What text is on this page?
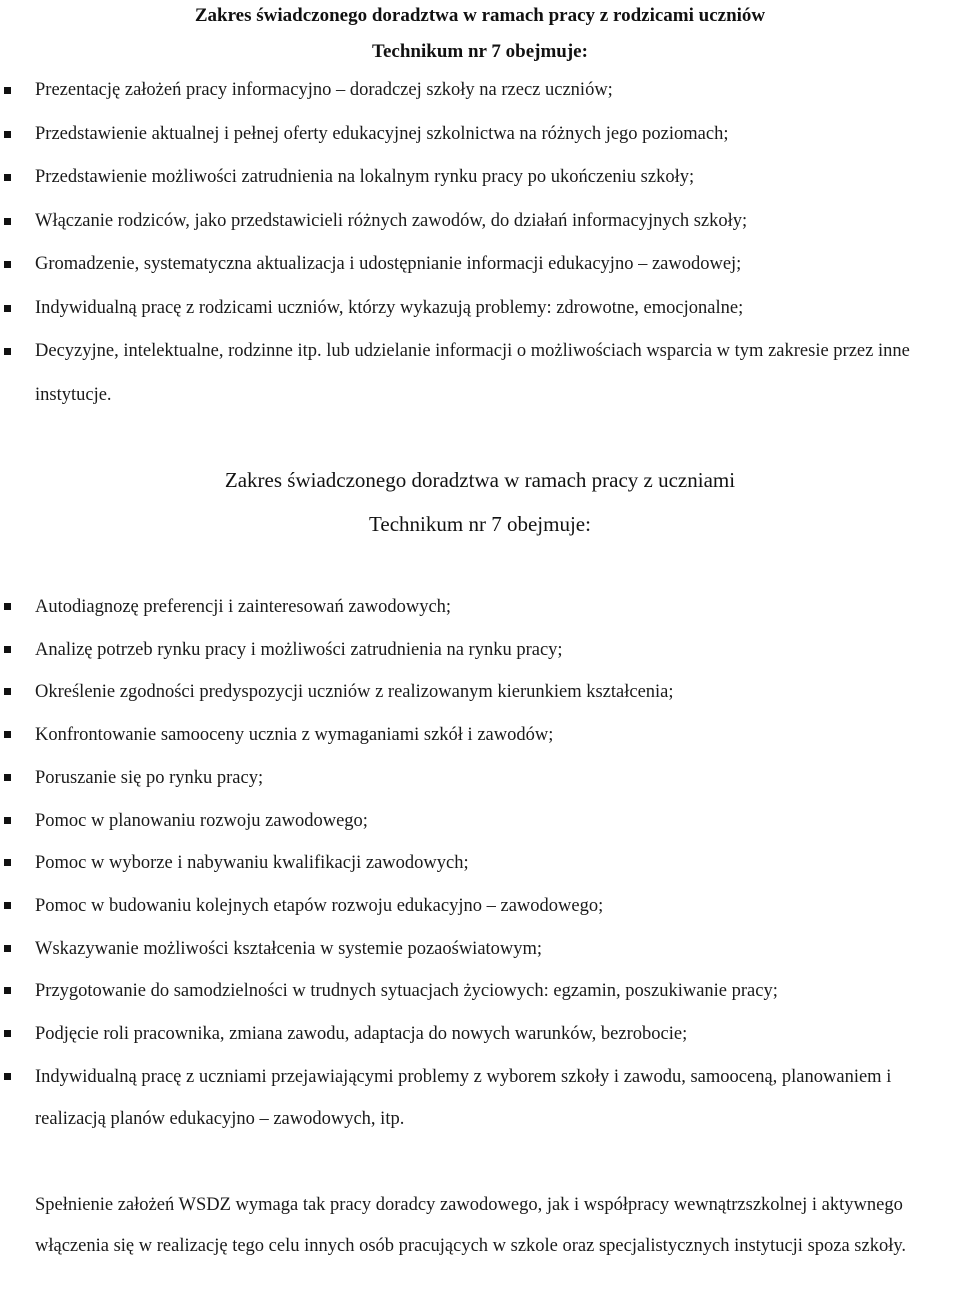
Zakres świadczonego doradztwa w ramach pracy z rodzicami uczniów
Technikum nr 7 obejmuje:
Prezentację założeń pracy informacyjno – doradczej szkoły na rzecz uczniów;
Przedstawienie aktualnej i pełnej oferty edukacyjnej szkolnictwa na różnych jego poziomach;
Przedstawienie możliwości zatrudnienia na lokalnym rynku pracy po ukończeniu szkoły;
Włączanie rodziców, jako przedstawicieli różnych zawodów, do działań informacyjnych szkoły;
Gromadzenie, systematyczna aktualizacja i udostępnianie informacji edukacyjno – zawodowej;
Indywidualną pracę z rodzicami uczniów, którzy wykazują problemy: zdrowotne, emocjonalne;
Decyzyjne, intelektualne, rodzinne itp. lub udzielanie informacji o możliwościach wsparcia w tym zakresie przez inne instytucje.
Zakres świadczonego doradztwa w ramach pracy z uczniami
Technikum nr 7 obejmuje:
Autodiagnozę preferencji i zainteresowań zawodowych;
Analizę potrzeb rynku pracy i możliwości zatrudnienia na rynku pracy;
Określenie zgodności predyspozycji uczniów z realizowanym kierunkiem kształcenia;
Konfrontowanie samooceny ucznia z wymaganiami szkół i zawodów;
Poruszanie się po rynku pracy;
Pomoc w planowaniu rozwoju zawodowego;
Pomoc w wyborze i nabywaniu kwalifikacji zawodowych;
Pomoc w budowaniu kolejnych etapów rozwoju edukacyjno – zawodowego;
Wskazywanie możliwości kształcenia w systemie pozaoświatowym;
Przygotowanie do samodzielności w trudnych sytuacjach życiowych: egzamin, poszukiwanie pracy;
Podjęcie roli pracownika, zmiana zawodu, adaptacja do nowych warunków, bezrobocie;
Indywidualną pracę z uczniami przejawiającymi problemy z wyborem szkoły i zawodu, samooceną, planowaniem i realizacją planów edukacyjno – zawodowych, itp.
Spełnienie założeń WSDZ wymaga tak pracy doradcy zawodowego, jak i współpracy wewnątrzszkolnej i aktywnego włączenia się w realizację tego celu innych osób pracujących w szkole oraz specjalistycznych instytucji spoza szkoły.
